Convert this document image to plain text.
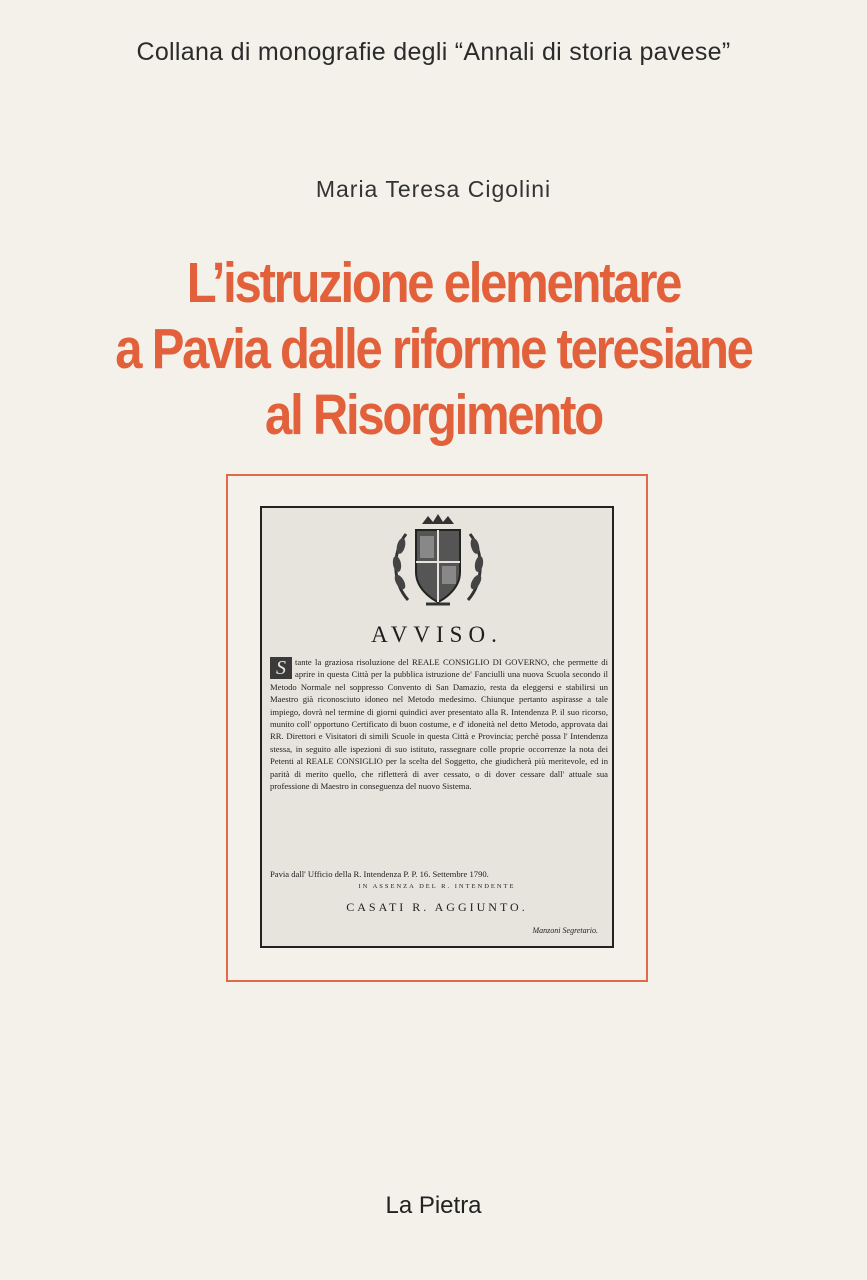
Collana di monografie degli “Annali di storia pavese”
Maria Teresa Cigolini
L’istruzione elementare
a Pavia dalle riforme teresiane
al Risorgimento
AVVISO.
S	tante la graziosa risoluzione del REALE CONSIGLIO DI GOVERNO, che permette di aprire in questa Città per la pubblica istruzione de' Fanciulli una nuova Scuola secondo il Metodo Normale nel soppresso Convento di San Damazio, resta da eleggersi e stabilirsi un Maestro già riconosciuto idoneo nel Metodo medesimo. Chiunque pertanto aspirasse a tale impiego, dovrà nel termine di giorni quindici aver presentato alla R. Intendenza P. il suo ricorso, munito coll' opportuno Certificato di buon costume, e d' idoneità nel detto Metodo, approvata dai RR. Direttori e Visitatori di simili Scuole in questa Città e Provincia; perchè possa l' Intendenza stessa, in seguito alle ispezioni di suo istituto, rassegnare colle proprie occorrenze la nota dei Petenti al REALE CONSIGLIO per la scelta del Soggetto, che giudicherà più meritevole, ed in parità di merito quello, che rifletterà di aver cessato, o di dover cessare dall' attuale sua professione di Maestro in conseguenza del nuovo Sistema.
Pavia dall' Ufficio della R. Intendenza P. P. 16. Settembre 1790.
IN ASSENZA DEL R. INTENDENTE
CASATI R. AGGIUNTO.
Manzoni Segretario.
La Pietra
